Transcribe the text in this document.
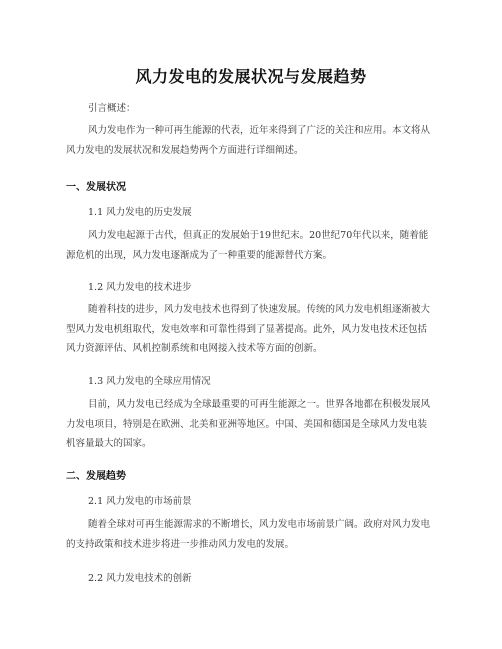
风力发电的发展状况与发展趋势
引言概述：
风力发电作为一种可再生能源的代表，近年来得到了广泛的关注和应用。本文将从风力发电的发展状况和发展趋势两个方面进行详细阐述。
一、发展状况
1.1 风力发电的历史发展
风力发电起源于古代，但真正的发展始于19世纪末。20世纪70年代以来，随着能源危机的出现，风力发电逐渐成为了一种重要的能源替代方案。
1.2 风力发电的技术进步
随着科技的进步，风力发电技术也得到了快速发展。传统的风力发电机组逐渐被大型风力发电机组取代，发电效率和可靠性得到了显著提高。此外，风力发电技术还包括风力资源评估、风机控制系统和电网接入技术等方面的创新。
1.3 风力发电的全球应用情况
目前，风力发电已经成为全球最重要的可再生能源之一。世界各地都在积极发展风力发电项目，特别是在欧洲、北美和亚洲等地区。中国、美国和德国是全球风力发电装机容量最大的国家。
二、发展趋势
2.1 风力发电的市场前景
随着全球对可再生能源需求的不断增长，风力发电市场前景广阔。政府对风力发电的支持政策和技术进步将进一步推动风力发电的发展。
2.2 风力发电技术的创新
